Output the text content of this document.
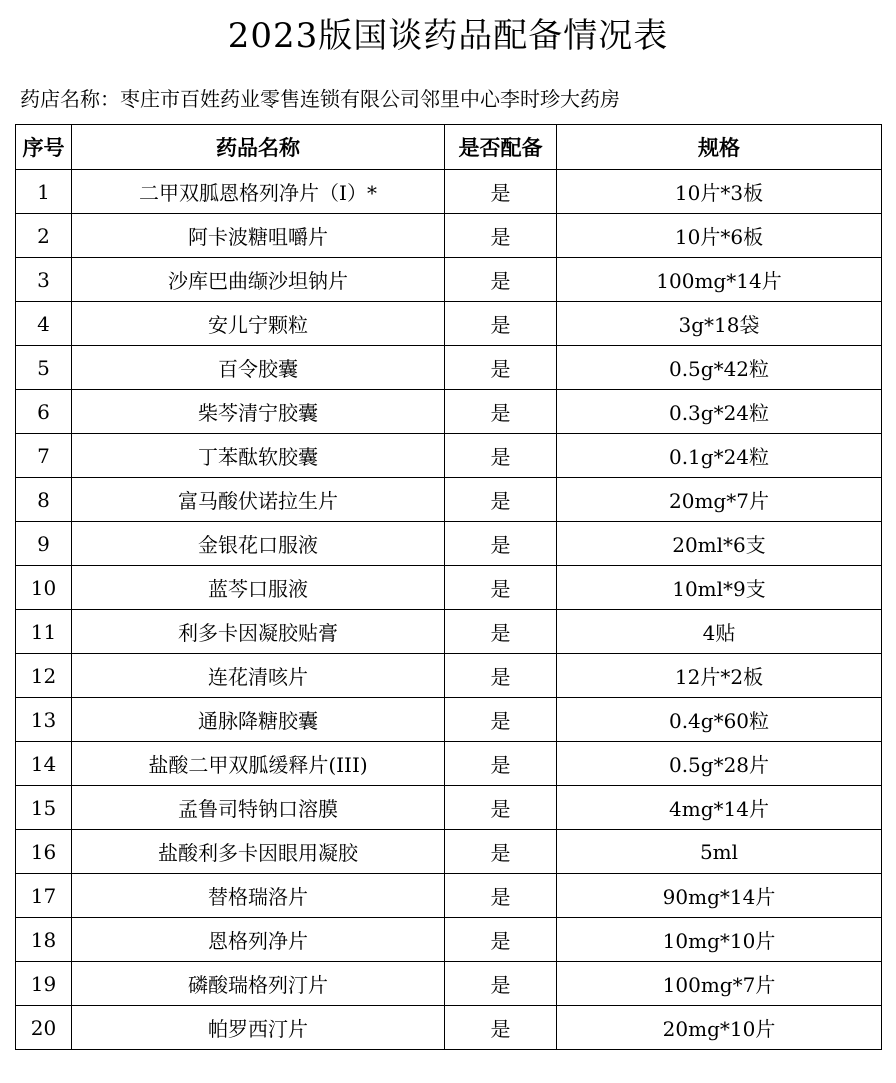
2023版国谈药品配备情况表
药店名称：枣庄市百姓药业零售连锁有限公司邻里中心李时珍大药房
序号	药品名称	是否配备	规格
1	二甲双胍恩格列净片（Ⅰ）*	是	10片*3板
2	阿卡波糖咀嚼片	是	10片*6板
3	沙库巴曲缬沙坦钠片	是	100mg*14片
4	安儿宁颗粒	是	3g*18袋
5	百令胶囊	是	0.5g*42粒
6	柴芩清宁胶囊	是	0.3g*24粒
7	丁苯酞软胶囊	是	0.1g*24粒
8	富马酸伏诺拉生片	是	20mg*7片
9	金银花口服液	是	20ml*6支
10	蓝芩口服液	是	10ml*9支
11	利多卡因凝胶贴膏	是	4贴
12	连花清咳片	是	12片*2板
13	通脉降糖胶囊	是	0.4g*60粒
14	盐酸二甲双胍缓释片(III)	是	0.5g*28片
15	孟鲁司特钠口溶膜	是	4mg*14片
16	盐酸利多卡因眼用凝胶	是	5ml
17	替格瑞洛片	是	90mg*14片
18	恩格列净片	是	10mg*10片
19	磷酸瑞格列汀片	是	100mg*7片
20	帕罗西汀片	是	20mg*10片
